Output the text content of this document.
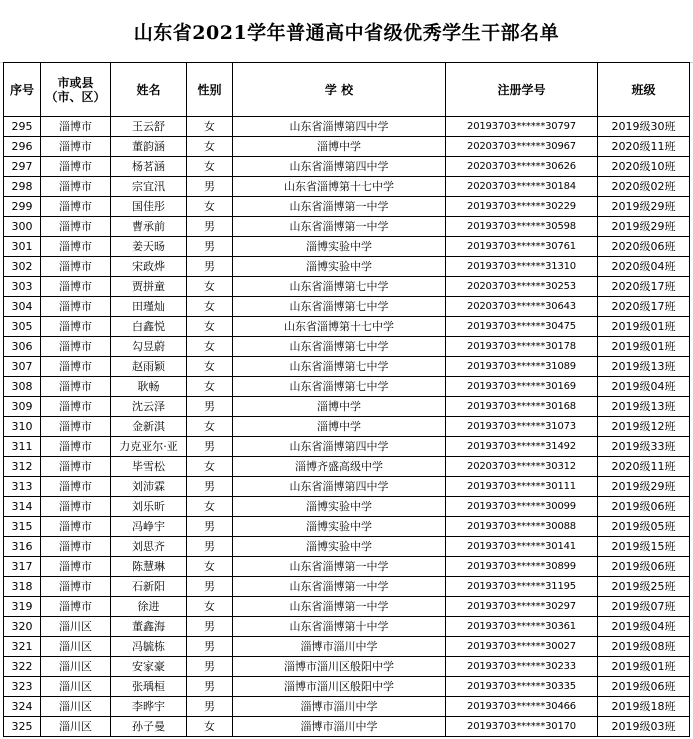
山东省2021学年普通高中省级优秀学生干部名单
序号	市或县（市、区）	姓名	性别	学 校	注册学号	班级
295	淄博市	王云舒	女	山东省淄博第四中学	20193703******30797	2019级30班
296	淄博市	董韵涵	女	淄博中学	20203703******30967	2020级11班
297	淄博市	杨茗涵	女	山东省淄博第四中学	20203703******30626	2020级10班
298	淄博市	宗宜汛	男	山东省淄博第十七中学	20203703******30184	2020级02班
299	淄博市	国佳彤	女	山东省淄博第一中学	20193703******30229	2019级29班
300	淄博市	曹承前	男	山东省淄博第一中学	20193703******30598	2019级29班
301	淄博市	姜天旸	男	淄博实验中学	20193703******30761	2020级06班
302	淄博市	宋政烨	男	淄博实验中学	20193703******31310	2020级04班
303	淄博市	贾拼童	女	山东省淄博第七中学	20203703******30253	2020级17班
304	淄博市	田瑾灿	女	山东省淄博第七中学	20203703******30643	2020级17班
305	淄博市	白鑫悦	女	山东省淄博第十七中学	20193703******30475	2019级01班
306	淄博市	勾昱蔚	女	山东省淄博第七中学	20193703******30178	2019级01班
307	淄博市	赵雨颖	女	山东省淄博第七中学	20193703******31089	2019级13班
308	淄博市	耿畅	女	山东省淄博第七中学	20193703******30169	2019级04班
309	淄博市	沈云泽	男	淄博中学	20193703******30168	2019级13班
310	淄博市	金新淇	女	淄博中学	20193703******31073	2019级12班
311	淄博市	力克亚尔·亚	男	山东省淄博第四中学	20193703******31492	2019级33班
312	淄博市	毕雪松	女	淄博齐盛高级中学	20203703******30312	2020级11班
313	淄博市	刘沛霖	男	山东省淄博第四中学	20193703******30111	2019级29班
314	淄博市	刘乐昕	女	淄博实验中学	20193703******30099	2019级06班
315	淄博市	冯峥宇	男	淄博实验中学	20193703******30088	2019级05班
316	淄博市	刘思齐	男	淄博实验中学	20193703******30141	2019级15班
317	淄博市	陈慧琳	女	山东省淄博第一中学	20193703******30899	2019级06班
318	淄博市	石新阳	男	山东省淄博第一中学	20193703******31195	2019级25班
319	淄博市	徐进	女	山东省淄博第一中学	20193703******30297	2019级07班
320	淄川区	董鑫海	男	山东省淄博第十中学	20193703******30361	2019级04班
321	淄川区	冯毓栋	男	淄博市淄川中学	20193703******30027	2019级08班
322	淄川区	安家豪	男	淄博市淄川区般阳中学	20193703******30233	2019级01班
323	淄川区	张瑀桓	男	淄博市淄川区般阳中学	20193703******30335	2019级06班
324	淄川区	李晔宇	男	淄博市淄川中学	20193703******30466	2019级18班
325	淄川区	孙子曼	女	淄博市淄川中学	20193703******30170	2019级03班
